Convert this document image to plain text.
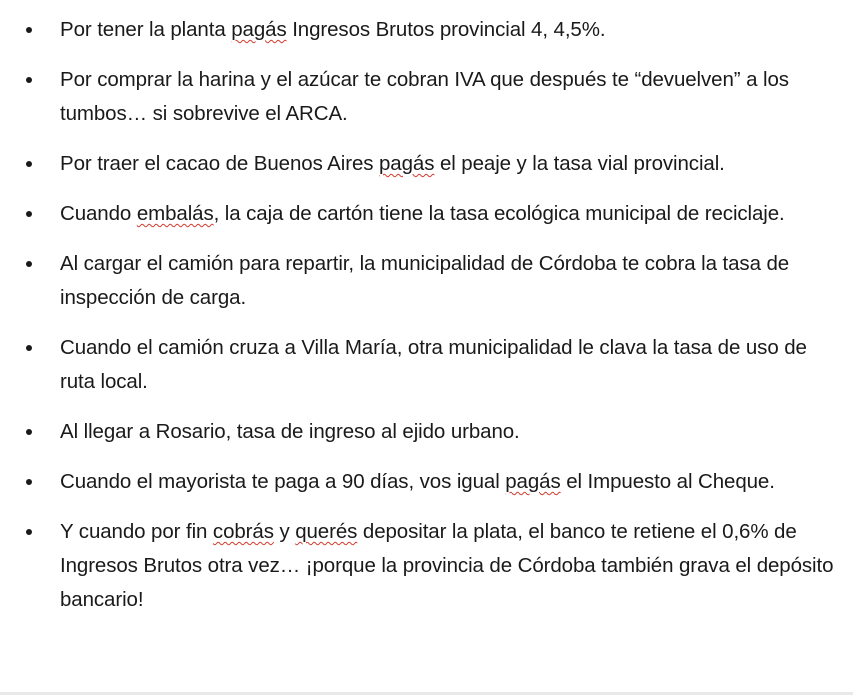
Por tener la planta pagás Ingresos Brutos provincial 4, 4,5%.
Por comprar la harina y el azúcar te cobran IVA que después te “devuelven” a los tumbos… si sobrevive el ARCA.
Por traer el cacao de Buenos Aires pagás el peaje y la tasa vial provincial.
Cuando embalás, la caja de cartón tiene la tasa ecológica municipal de reciclaje.
Al cargar el camión para repartir, la municipalidad de Córdoba te cobra la tasa de inspección de carga.
Cuando el camión cruza a Villa María, otra municipalidad le clava la tasa de uso de ruta local.
Al llegar a Rosario, tasa de ingreso al ejido urbano.
Cuando el mayorista te paga a 90 días, vos igual pagás el Impuesto al Cheque.
Y cuando por fin cobrás y querés depositar la plata, el banco te retiene el 0,6% de Ingresos Brutos otra vez… ¡porque la provincia de Córdoba también grava el depósito bancario!
